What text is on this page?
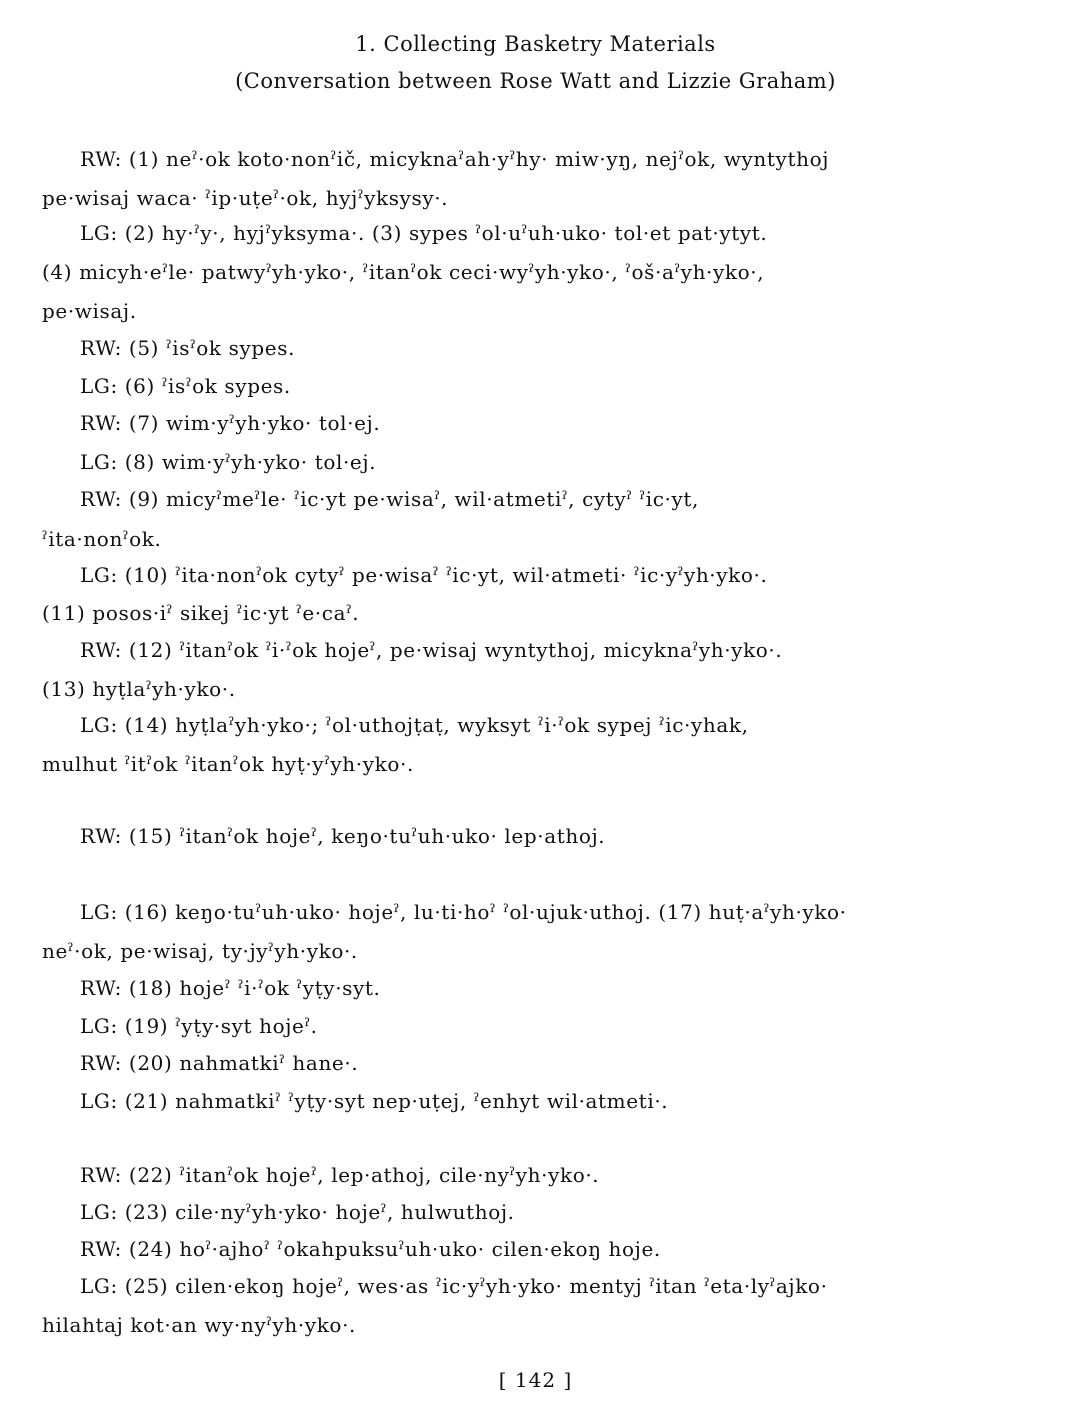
1. Collecting Basketry Materials
(Conversation between Rose Watt and Lizzie Graham)
RW: (1) neˀ·ok koto·nonˀič, micyknaˀah·yˀhy· miw·yŋ, nejˀok, wyntythoj
pe·wisaj waca· ˀip·uṭeˀ·ok, hyjˀyksysy·.
LG: (2) hy·ˀy·, hyjˀyksyma·. (3) sypes ˀol·uˀuh·uko· tol·et pat·ytyt.
(4) micyh·eˀle· patwyˀyh·yko·, ˀitanˀok ceci·wyˀyh·yko·, ˀoš·aˀyh·yko·,
pe·wisaj.
RW: (5) ˀisˀok sypes.
LG: (6) ˀisˀok sypes.
RW: (7) wim·yˀyh·yko· tol·ej.
LG: (8) wim·yˀyh·yko· tol·ej.
RW: (9) micyˀmeˀle· ˀic·yt pe·wisaˀ, wil·atmetiˀ, cytyˀ ˀic·yt,
ˀita·nonˀok.
LG: (10) ˀita·nonˀok cytyˀ pe·wisaˀ ˀic·yt, wil·atmeti· ˀic·yˀyh·yko·.
(11) posos·iˀ sikej ˀic·yt ˀe·caˀ.
RW: (12) ˀitanˀok ˀi·ˀok hojeˀ, pe·wisaj wyntythoj, micyknaˀyh·yko·.
(13) hyṭlaˀyh·yko·.
LG: (14) hyṭlaˀyh·yko·; ˀol·uthojṭaṭ, wyksyt ˀi·ˀok sypej ˀic·yhak,
mulhut ˀitˀok ˀitanˀok hyṭ·yˀyh·yko·.
RW: (15) ˀitanˀok hojeˀ, keŋo·tuˀuh·uko· lep·athoj.
LG: (16) keŋo·tuˀuh·uko· hojeˀ, lu·ti·hoˀ ˀol·ujuk·uthoj. (17) huṭ·aˀyh·yko·
neˀ·ok, pe·wisaj, ty·jyˀyh·yko·.
RW: (18) hojeˀ ˀi·ˀok ˀyṭy·syt.
LG: (19) ˀyṭy·syt hojeˀ.
RW: (20) nahmatkiˀ hane·.
LG: (21) nahmatkiˀ ˀyṭy·syt nep·uṭej, ˀenhyt wil·atmeti·.
RW: (22) ˀitanˀok hojeˀ, lep·athoj, cile·nyˀyh·yko·.
LG: (23) cile·nyˀyh·yko· hojeˀ, hulwuthoj.
RW: (24) hoˀ·ajhoˀ ˀokahpuksuˀuh·uko· cilen·ekoŋ hoje.
LG: (25) cilen·ekoŋ hojeˀ, wes·as ˀic·yˀyh·yko· mentyj ˀitan ˀeta·lyˀajko·
hilahtaj kot·an wy·nyˀyh·yko·.
[ 142 ]
